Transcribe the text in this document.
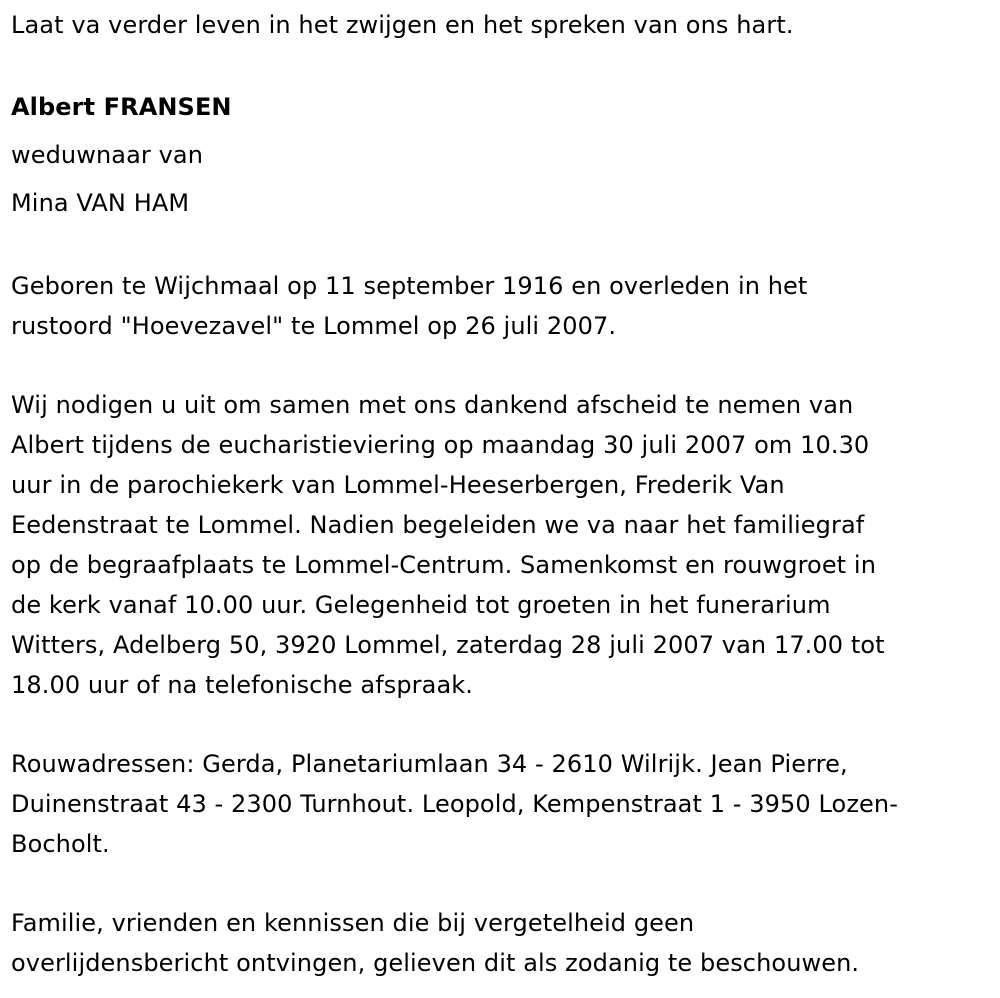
Laat va verder leven in het zwijgen en het spreken van ons hart.
Albert FRANSEN
weduwnaar van
Mina VAN HAM
Geboren te Wijchmaal op 11 september 1916 en overleden in het
rustoord "Hoevezavel" te Lommel op 26 juli 2007.
Wij nodigen u uit om samen met ons dankend afscheid te nemen van
Albert tijdens de eucharistieviering op maandag 30 juli 2007 om 10.30
uur in de parochiekerk van Lommel-Heeserbergen, Frederik Van
Eedenstraat te Lommel. Nadien begeleiden we va naar het familiegraf
op de begraafplaats te Lommel-Centrum. Samenkomst en rouwgroet in
de kerk vanaf 10.00 uur. Gelegenheid tot groeten in het funerarium
Witters, Adelberg 50, 3920 Lommel, zaterdag 28 juli 2007 van 17.00 tot
18.00 uur of na telefonische afspraak.
Rouwadressen: Gerda, Planetariumlaan 34 - 2610 Wilrijk. Jean Pierre,
Duinenstraat 43 - 2300 Turnhout. Leopold, Kempenstraat 1 - 3950 Lozen-
Bocholt.
Familie, vrienden en kennissen die bij vergetelheid geen
overlijdensbericht ontvingen, gelieven dit als zodanig te beschouwen.
